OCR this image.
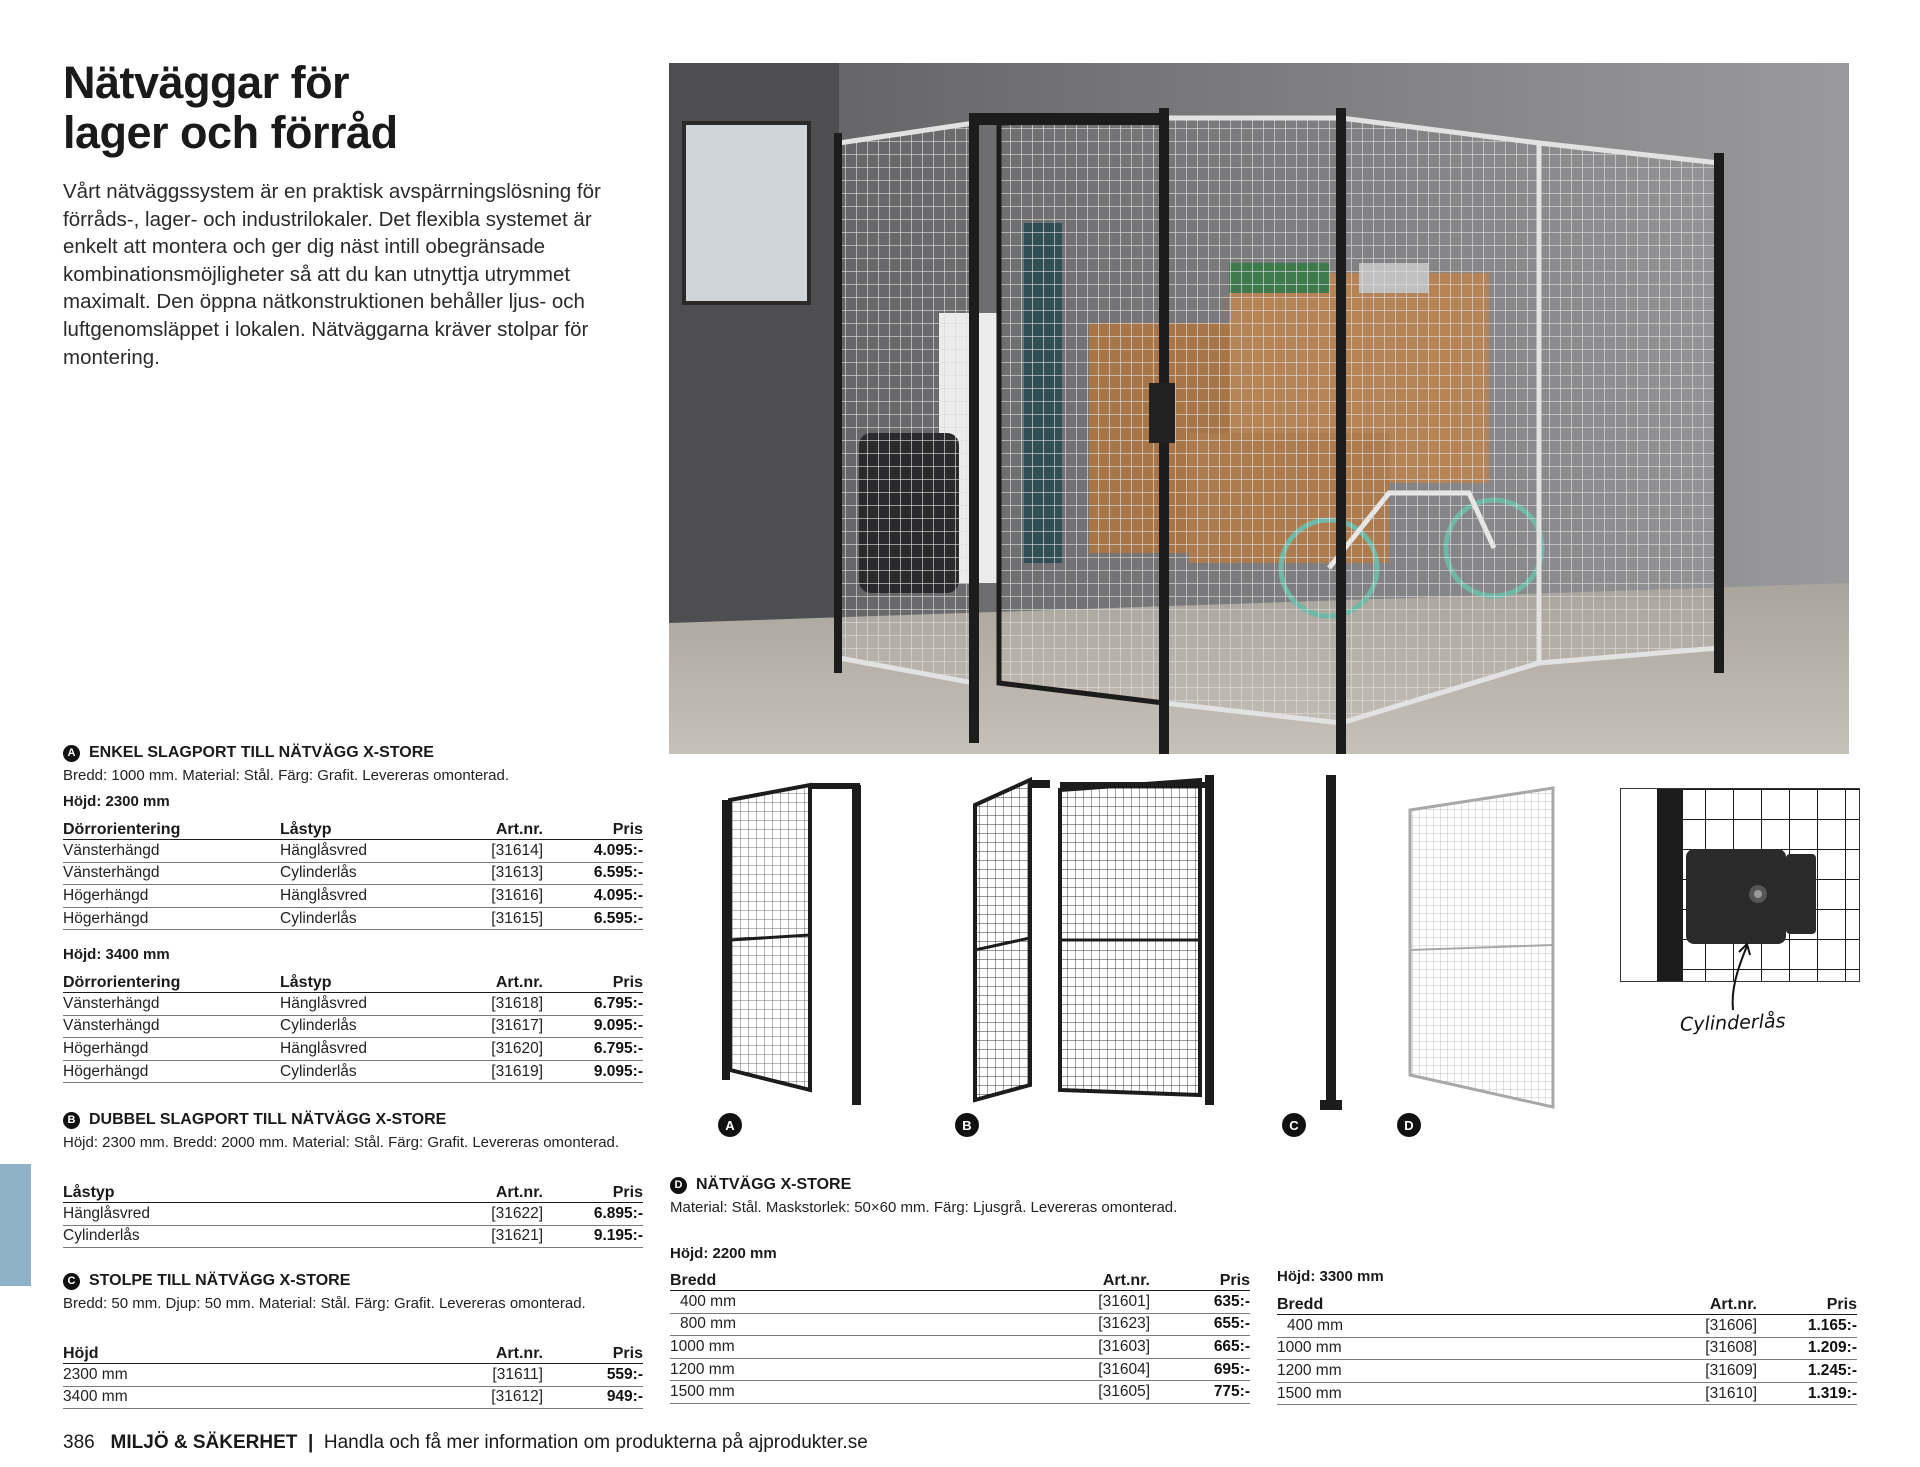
Nätväggar för
lager och förråd
Vårt nätväggssystem är en praktisk avspärrningslösning för förråds-, lager- och industrilokaler. Det flexibla systemet är enkelt att montera och ger dig näst intill obegränsade kombinationsmöjligheter så att du kan utnyttja utrymmet maximalt. Den öppna nätkonstruktionen behåller ljus- och luftgenomsläppet i lokalen. Nätväggarna kräver stolpar för montering.
Cylinderlås
A	B	C	D
A ENKEL SLAGPORT TILL NÄTVÄGG X-STORE
Bredd: 1000 mm. Material: Stål. Färg: Grafit. Levereras omonterad.
Höjd: 2300 mm
Dörrorientering	Låstyp	Art.nr.	Pris
Vänsterhängd	Hänglåsvred	[31614]	4.095:-
Vänsterhängd	Cylinderlås	[31613]	6.595:-
Högerhängd	Hänglåsvred	[31616]	4.095:-
Högerhängd	Cylinderlås	[31615]	6.595:-
Höjd: 3400 mm
Dörrorientering	Låstyp	Art.nr.	Pris
Vänsterhängd	Hänglåsvred	[31618]	6.795:-
Vänsterhängd	Cylinderlås	[31617]	9.095:-
Högerhängd	Hänglåsvred	[31620]	6.795:-
Högerhängd	Cylinderlås	[31619]	9.095:-
B DUBBEL SLAGPORT TILL NÄTVÄGG X-STORE
Höjd: 2300 mm. Bredd: 2000 mm. Material: Stål. Färg: Grafit. Levereras omonterad.
Låstyp	Art.nr.	Pris
Hänglåsvred	[31622]	6.895:-
Cylinderlås	[31621]	9.195:-
C STOLPE TILL NÄTVÄGG X-STORE
Bredd: 50 mm. Djup: 50 mm. Material: Stål. Färg: Grafit. Levereras omonterad.
Höjd	Art.nr.	Pris
2300 mm	[31611]	559:-
3400 mm	[31612]	949:-
D NÄTVÄGG X-STORE
Material: Stål. Maskstorlek: 50×60 mm. Färg: Ljusgrå. Levereras omonterad.
Höjd: 2200 mm
Bredd	Art.nr.	Pris
400 mm	[31601]	635:-
800 mm	[31623]	655:-
1000 mm	[31603]	665:-
1200 mm	[31604]	695:-
1500 mm	[31605]	775:-
Höjd: 3300 mm
Bredd	Art.nr.	Pris
400 mm	[31606]	1.165:-
1000 mm	[31608]	1.209:-
1200 mm	[31609]	1.245:-
1500 mm	[31610]	1.319:-
386 MILJÖ & SÄKERHET | Handla och få mer information om produkterna på ajprodukter.se
